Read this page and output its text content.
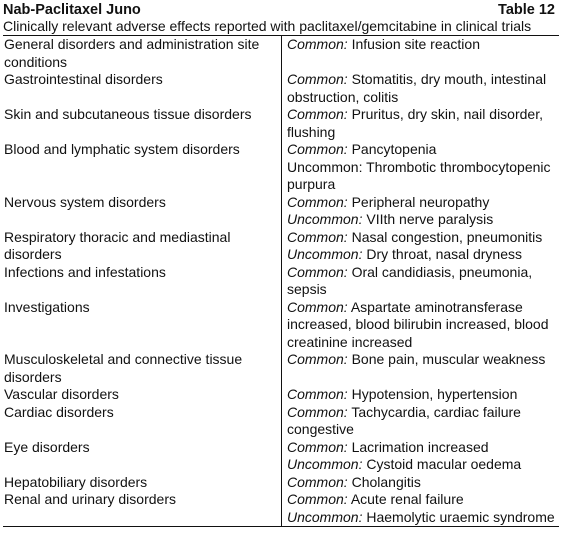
Nab-Paclitaxel Juno	Table 12
Clinically relevant adverse effects reported with paclitaxel/gemcitabine in clinical trials
General disorders and administration site conditions	Common: Infusion site reaction

Gastrointestinal disorders	Common: Stomatitis, dry mouth, intestinal obstruction, colitis

Skin and subcutaneous tissue disorders	Common: Pruritus, dry skin, nail disorder, flushing

Blood and lymphatic system disorders	Common: Pancytopenia
Uncommon: Thrombotic thrombocytopenic purpura

Nervous system disorders	Common: Peripheral neuropathy
Uncommon: VIIth nerve paralysis

Respiratory thoracic and mediastinal disorders	Common: Nasal congestion, pneumonitis
Uncommon: Dry throat, nasal dryness

Infections and infestations	Common: Oral candidiasis, pneumonia, sepsis

Investigations	Common: Aspartate aminotransferase increased, blood bilirubin increased, blood creatinine increased

Musculoskeletal and connective tissue disorders	Common: Bone pain, muscular weakness

Vascular disorders	Common: Hypotension, hypertension

Cardiac disorders	Common: Tachycardia, cardiac failure congestive

Eye disorders	Common: Lacrimation increased
Uncommon: Cystoid macular oedema

Hepatobiliary disorders	Common: Cholangitis

Renal and urinary disorders	Common: Acute renal failure
Uncommon: Haemolytic uraemic syndrome
